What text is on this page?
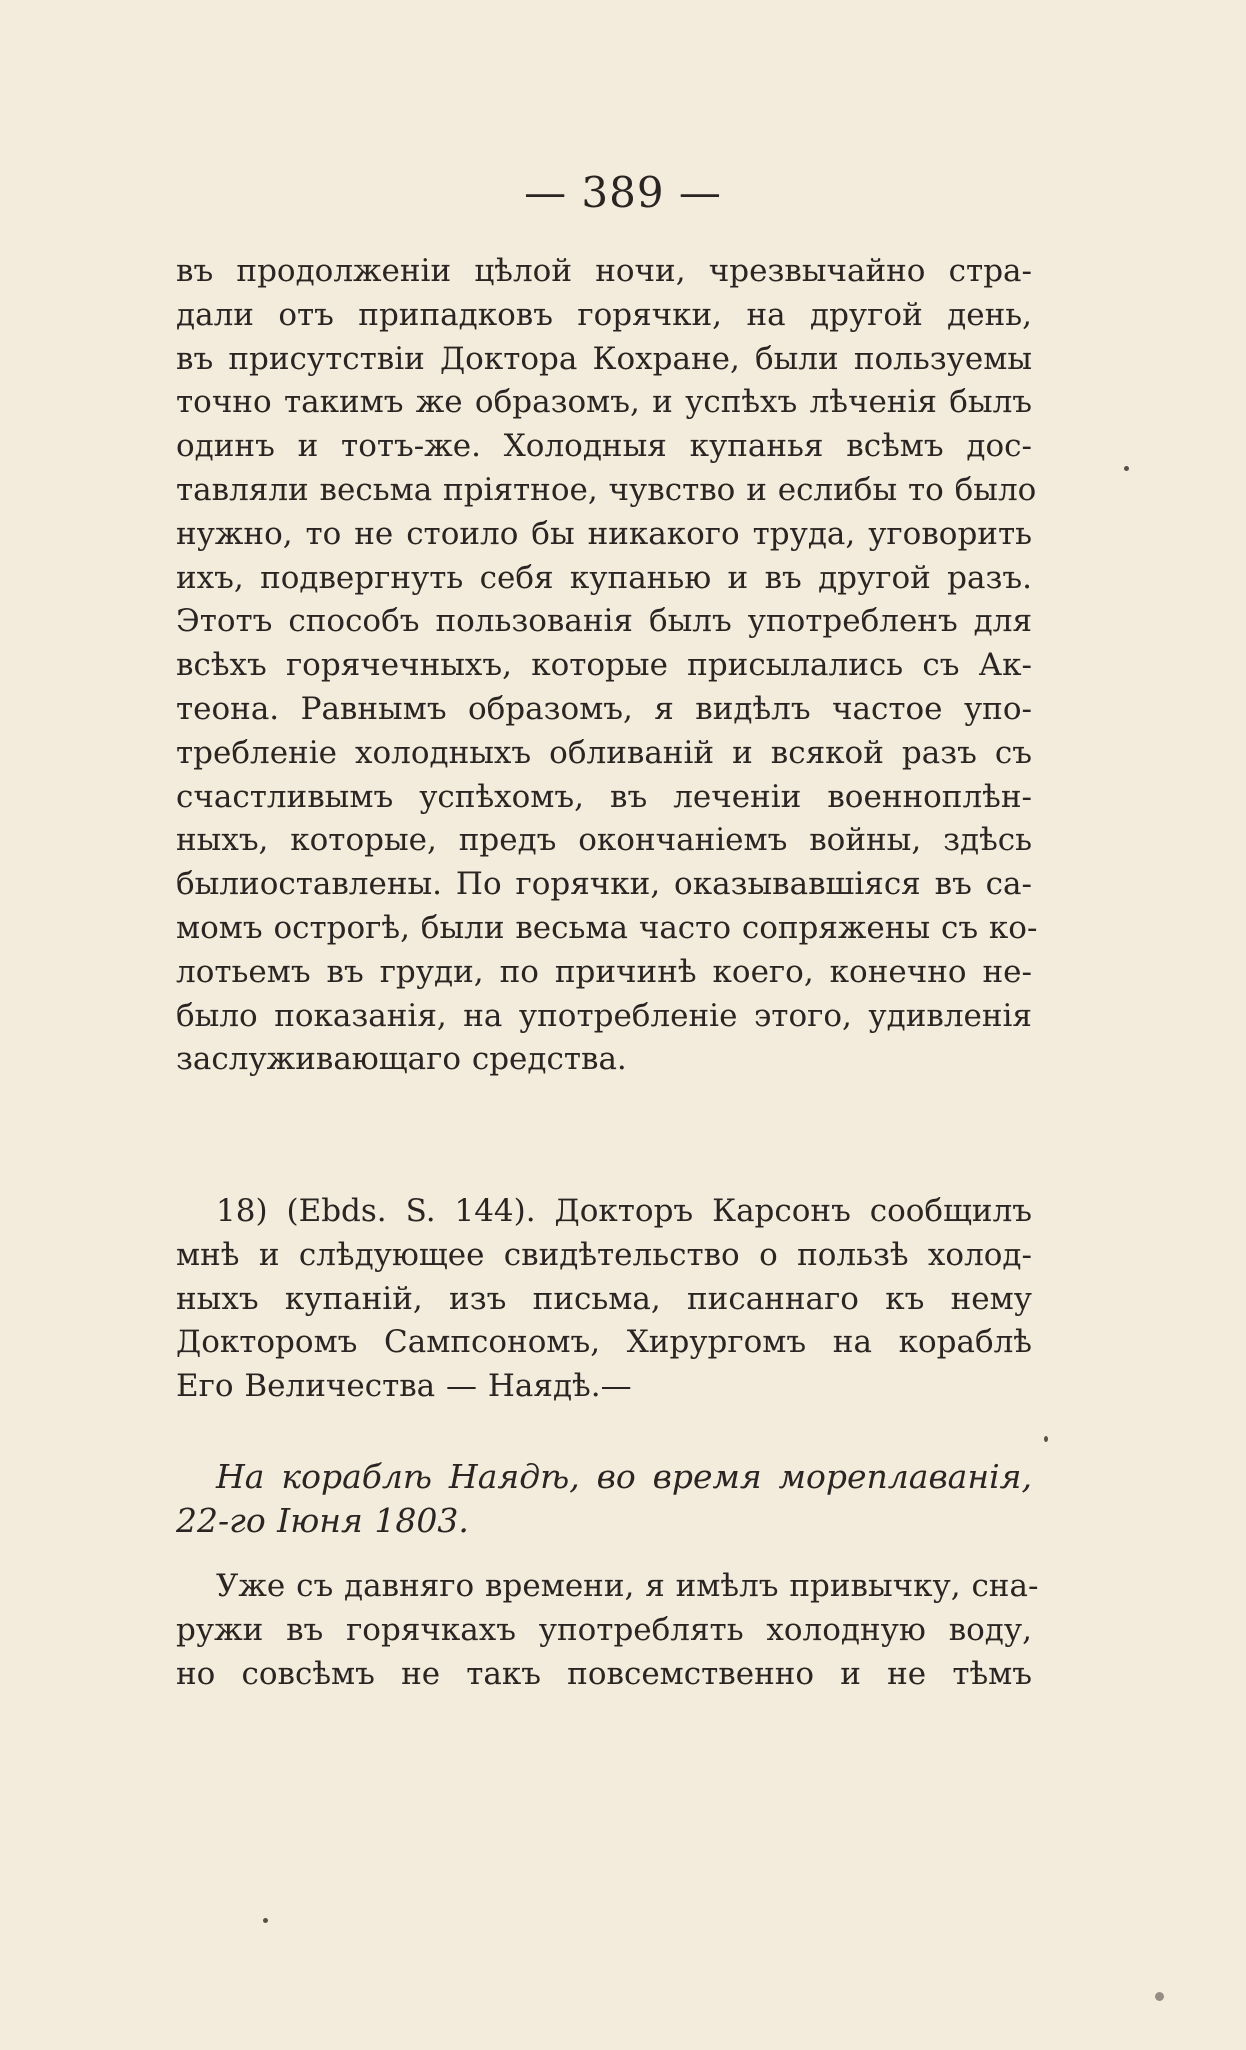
— 389 —
въ продолженіи цѣлой ночи, чрезвычайно стра-
дали отъ припадковъ горячки, на другой день,
въ присутствіи Доктора Кохране, были пользуемы
точно такимъ же образомъ, и успѣхъ лѣченія былъ
одинъ и тотъ-же. Холодныя купанья всѣмъ дос-
тавляли весьма пріятное, чувство и еслибы то было
нужно, то не стоило бы никакого труда, уговорить
ихъ, подвергнуть себя купанью и въ другой разъ.
Этотъ способъ пользованія былъ употребленъ для
всѣхъ горячечныхъ, которые присылались съ Ак-
теона. Равнымъ образомъ, я видѣлъ частое упо-
требленіе холодныхъ обливаній и всякой разъ съ
счастливымъ успѣхомъ, въ леченіи военноплѣн-
ныхъ, которые, предъ окончаніемъ войны, здѣсь
былиоставлены. По горячки, оказывавшіяся въ са-
момъ острогѣ, были весьма часто сопряжены съ ко-
лотьемъ въ груди, по причинѣ коего, конечно не-
было показанія, на употребленіе этого, удивленія
заслуживающаго средства.
18) (Ebds. S. 144). Докторъ Карсонъ сообщилъ
мнѣ и слѣдующее свидѣтельство о пользѣ холод-
ныхъ купаній, изъ письма, писаннаго къ нему
Докторомъ Сампсономъ, Хирургомъ на кораблѣ
Его Величества — Наядѣ.—
На кораблѣ Наядѣ, во время мореплаванія,
22-го Іюня 1803.
Уже съ давняго времени, я имѣлъ привычку, сна-
ружи въ горячкахъ употреблять холодную воду,
но совсѣмъ не такъ повсемственно и не тѣмъ
